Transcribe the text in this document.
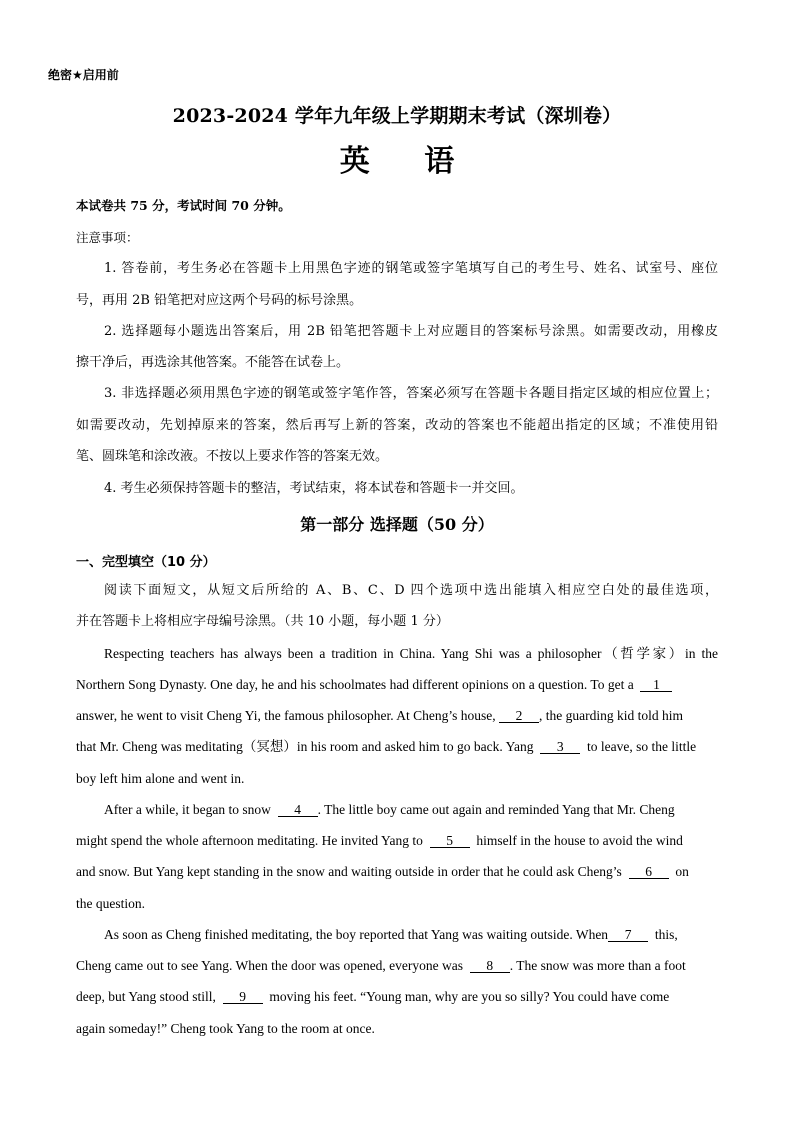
绝密★启用前
2023-2024 学年九年级上学期期末考试（深圳卷）
英 语
本试卷共 75 分，考试时间 70 分钟。
注意事项：
1. 答卷前，考生务必在答题卡上用黑色字迹的钢笔或签字笔填写自己的考生号、姓名、试室号、座位
号，再用 2B 铅笔把对应这两个号码的标号涂黑。
2. 选择题每小题选出答案后，用 2B 铅笔把答题卡上对应题目的答案标号涂黑。如需要改动，用橡皮
擦干净后，再选涂其他答案。不能答在试卷上。
3. 非选择题必须用黑色字迹的钢笔或签字笔作答，答案必须写在答题卡各题目指定区域的相应位置上；
如需要改动，先划掉原来的答案，然后再写上新的答案，改动的答案也不能超出指定的区域；不准使用铅
笔、圆珠笔和涂改液。不按以上要求作答的答案无效。
4. 考生必须保持答题卡的整洁，考试结束，将本试卷和答题卡一并交回。
第一部分 选择题（50 分）
一、完型填空（10 分）
阅读下面短文，从短文后所给的 A、B、C、D 四个选项中选出能填入相应空白处的最佳选项，
并在答题卡上将相应字母编号涂黑。（共 10 小题，每小题 1 分）
Respecting teachers has always been a tradition in China. Yang Shi was a philosopher（哲学家）in the
Northern Song Dynasty. One day, he and his schoolmates had different opinions on a question. To get a 1
answer, he went to visit Cheng Yi, the famous philosopher. At Cheng’s house, 2 , the guarding kid told him
that Mr. Cheng was meditating（冥想）in his room and asked him to go back. Yang 3 to leave, so the little
boy left him alone and went in.
After a while, it began to snow 4 . The little boy came out again and reminded Yang that Mr. Cheng
might spend the whole afternoon meditating. He invited Yang to 5 himself in the house to avoid the wind
and snow. But Yang kept standing in the snow and waiting outside in order that he could ask Cheng’s 6 on
the question.
As soon as Cheng finished meditating, the boy reported that Yang was waiting outside. When 7 this,
Cheng came out to see Yang. When the door was opened, everyone was 8 . The snow was more than a foot
deep, but Yang stood still, 9 moving his feet. “Young man, why are you so silly? You could have come
again someday!” Cheng took Yang to the room at once.
